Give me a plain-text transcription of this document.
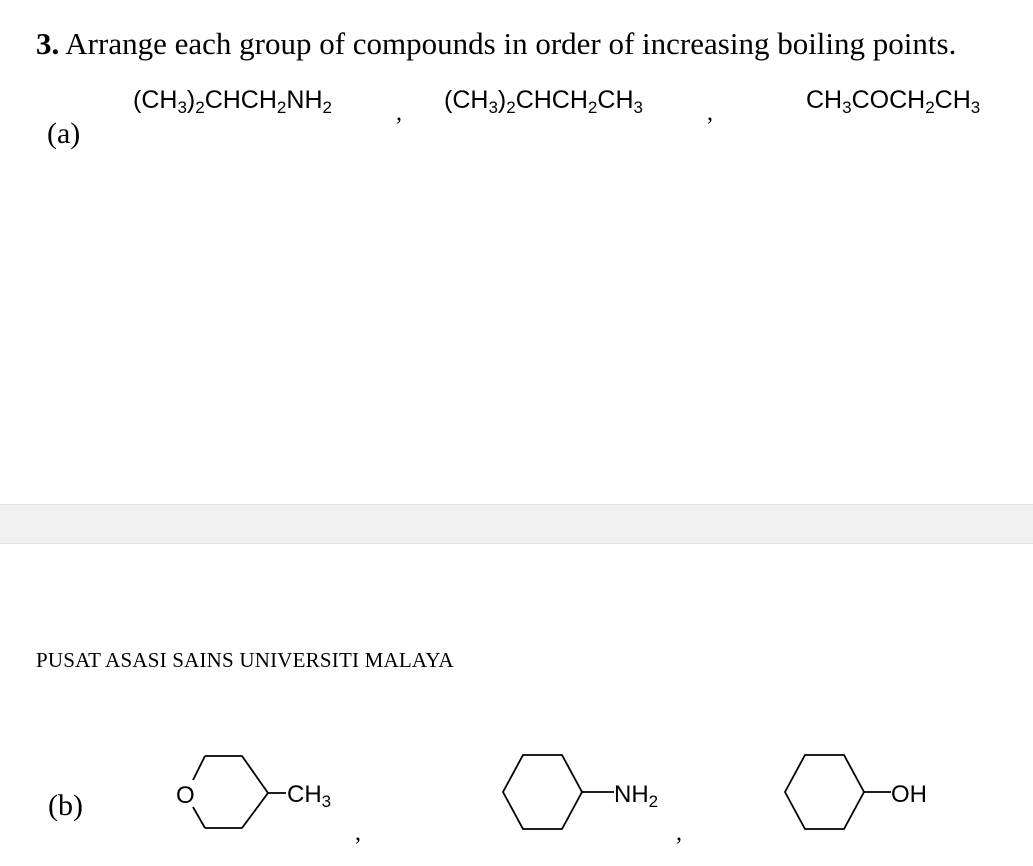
3. Arrange each group of compounds in order of increasing boiling points.
(a)
$(CH_3)_2CHCH_2NH_2$	, $(CH_3)_2CHCH_2CH_3$	,	$CH_3COCH_2CH_3$
PUSAT ASASI SAINS UNIVERSITI MALAYA
(b)	O	$CH_3$
,
$NH_2$
,
OH
